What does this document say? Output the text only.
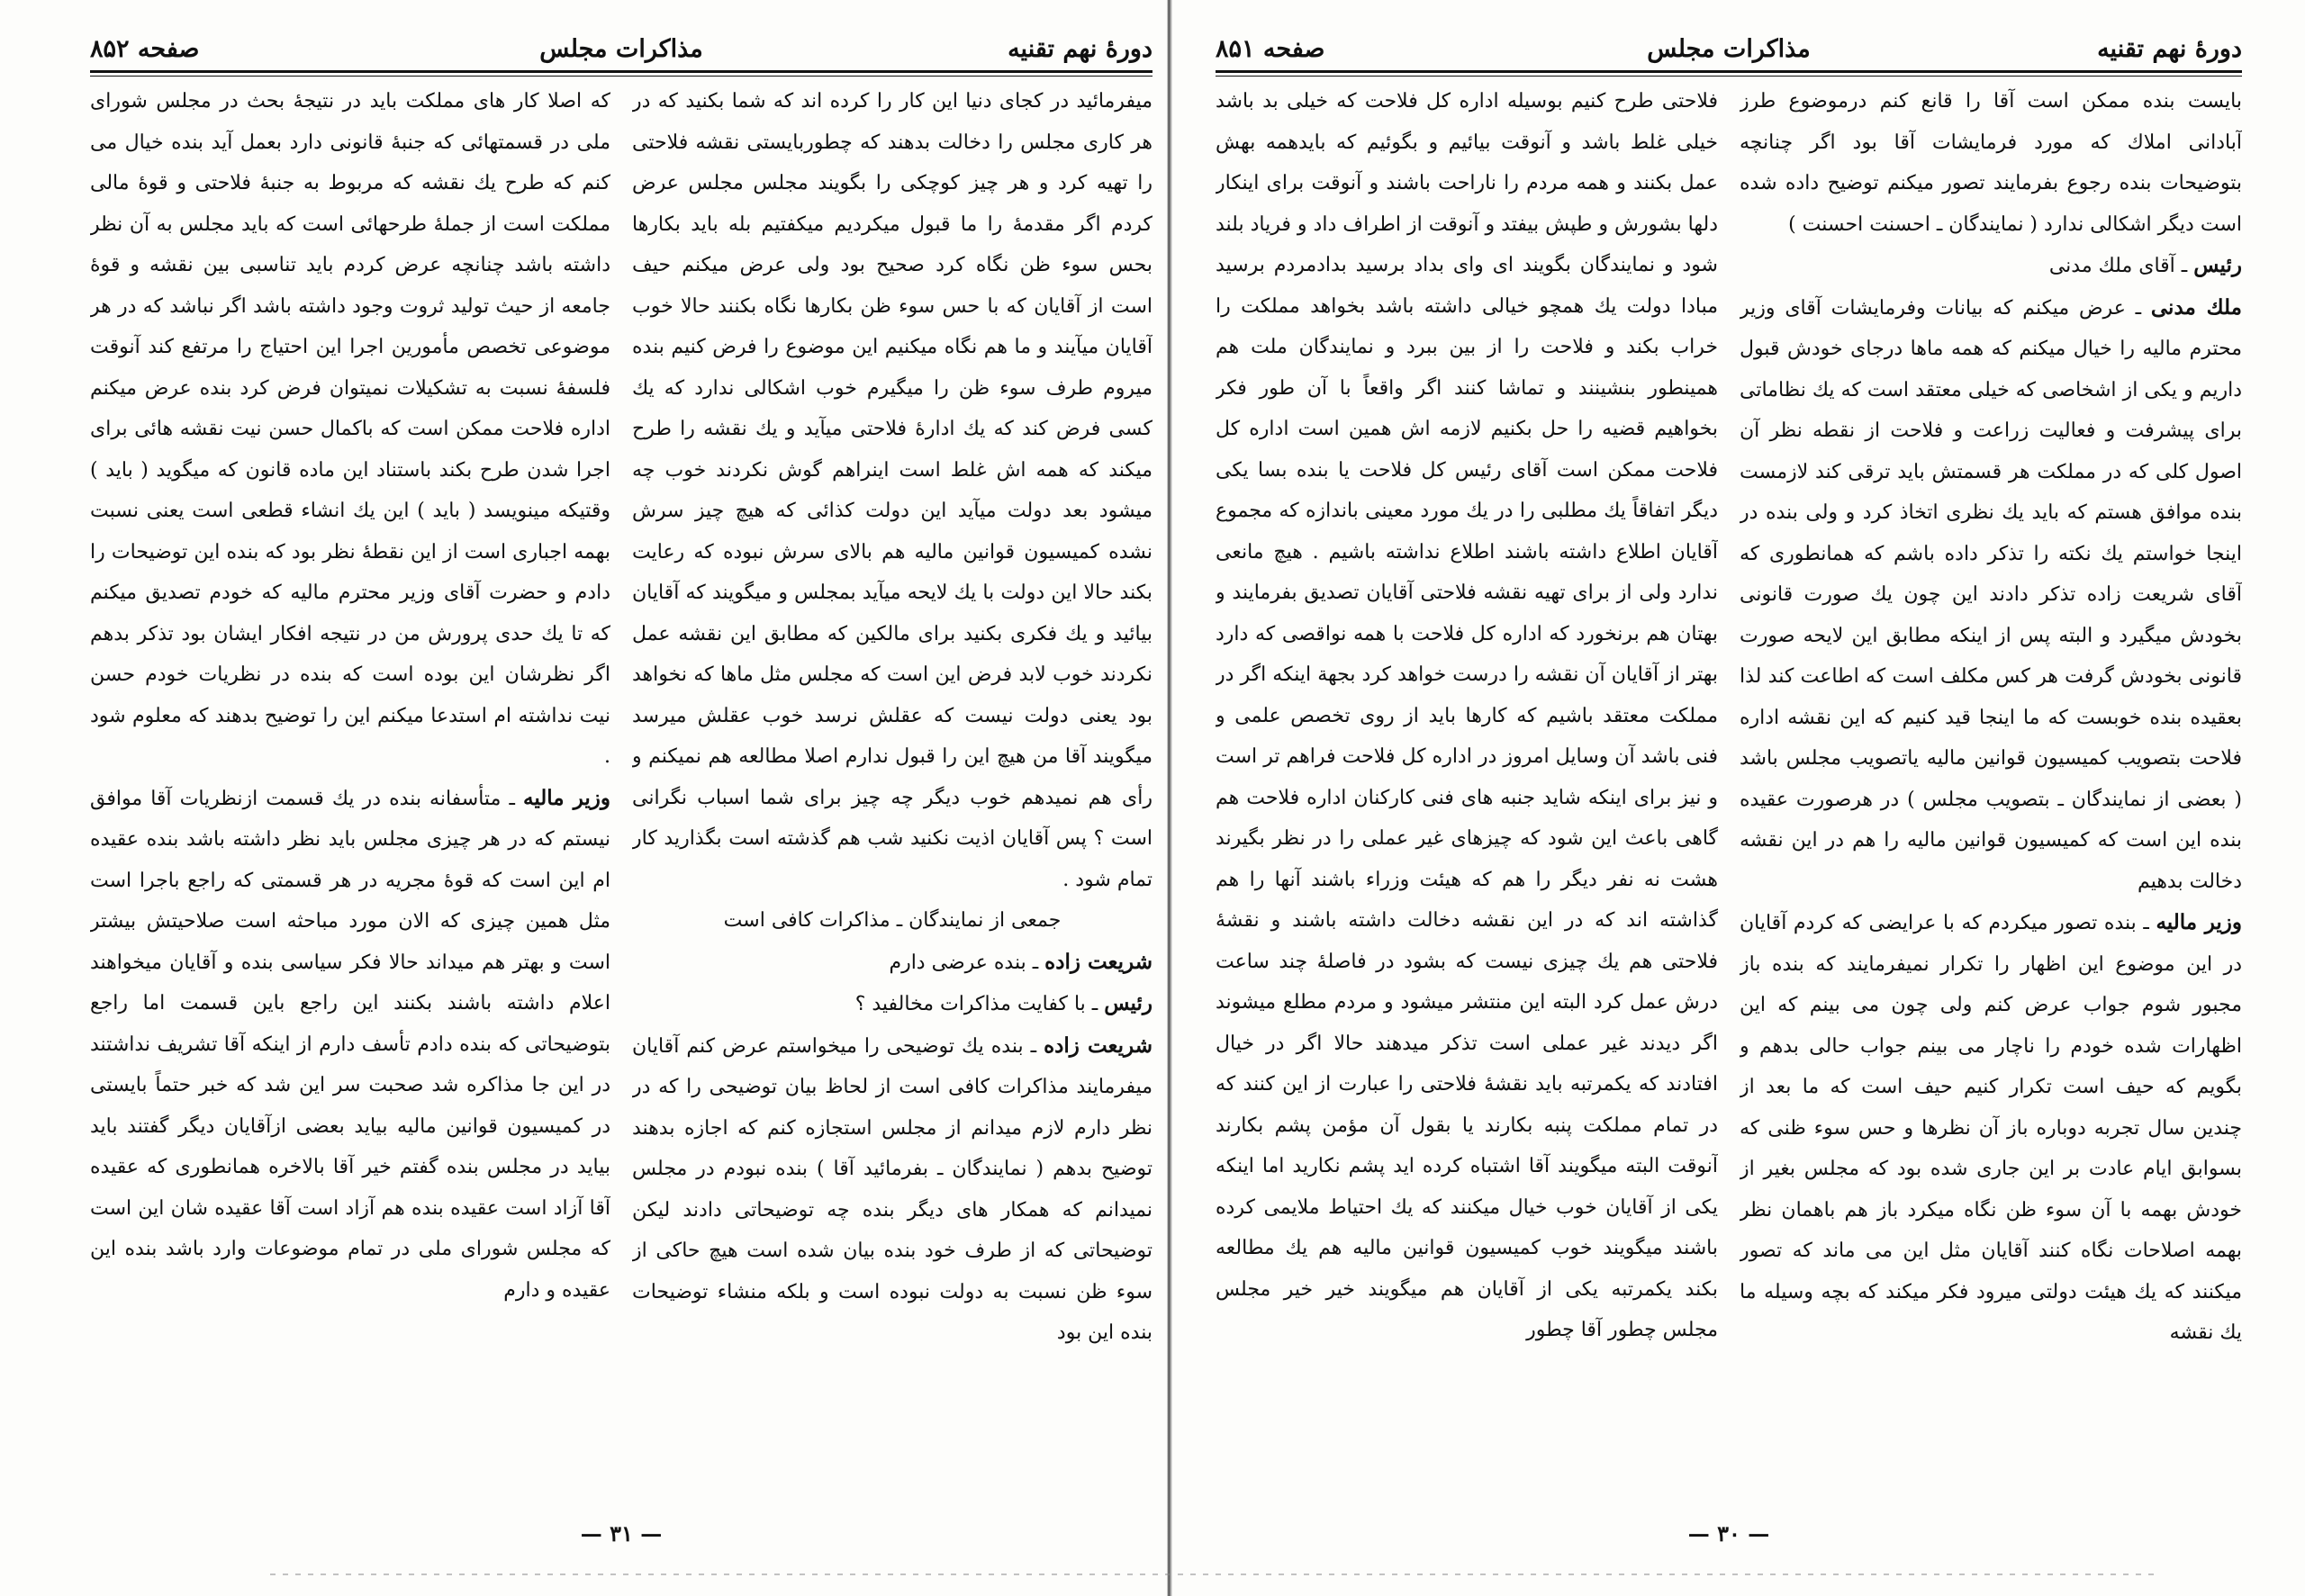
دورهٔ نهم تقنیه
مذاکرات مجلس
صفحه ۸۵۲

میفرمائید در کجای دنیا این کار را کرده اند که شما بکنید که در هر کاری مجلس را دخالت بدهند که چطوربایستی نقشه فلاحتی را تهیه کرد و هر چیز کوچکی را بگویند مجلس مجلس عرض کردم اگر مقدمهٔ را ما قبول میکردیم میکفتیم بله باید بکارها بحس سوء ظن نگاه کرد صحیح بود ولی عرض میکنم حیف است از آقایان که با حس سوء ظن بکارها نگاه بکنند حالا خوب آقایان میآیند و ما هم نگاه میکنیم این موضوع را فرض کنیم بنده میروم طرف سوء ظن را میگیرم خوب اشکالی ندارد که یك کسی فرض کند که یك ادارهٔ فلاحتی میآید و یك نقشه را طرح میکند که همه اش غلط است اینراهم گوش نکردند خوب چه میشود بعد دولت میآید این دولت کذائی که هیچ چیز سرش نشده کمیسیون قوانین مالیه هم بالای سرش نبوده که رعایت بکند حالا این دولت با یك لایحه میآید بمجلس و میگویند که آقایان بیائید و یك فکری بکنید برای مالکین که مطابق این نقشه عمل نکردند خوب لابد فرض این است که مجلس مثل ماها که نخواهد بود یعنی دولت نیست که عقلش نرسد خوب عقلش میرسد میگویند آقا من هیچ این را قبول ندارم اصلا مطالعه هم نمیکنم و رأی هم نمیدهم خوب دیگر چه چیز برای شما اسباب نگرانی است ؟ پس آقایان اذیت نکنید شب هم گذشته است بگذارید کار تمام شود .

جمعی از نمایندگان ـ مذاکرات کافی است

شریعت زاده ـ بنده عرضی دارم

رئیس ـ با کفایت مذاکرات مخالفید ؟

شریعت زاده ـ بنده یك توضیحی را میخواستم عرض کنم آقایان میفرمایند مذاکرات کافی است از لحاظ بیان توضیحی را که در نظر دارم لازم میدانم از مجلس استجازه کنم که اجازه بدهند توضیح بدهم ( نمایندگان ـ بفرمائید آقا ) بنده نبودم در مجلس نمیدانم که همکار های دیگر بنده چه توضیحاتی دادند لیکن توضیحاتی که از طرف خود بنده بیان شده است هیچ حاکی از سوء ظن نسبت به دولت نبوده است و بلکه منشاء توضیحات بنده این بود

که اصلا کار های مملکت باید در نتیجهٔ بحث در مجلس شورای ملی در قسمتهائی که جنبهٔ قانونی دارد بعمل آید بنده خیال می کنم که طرح یك نقشه که مربوط به جنبهٔ فلاحتی و قوهٔ مالی مملکت است از جملهٔ طرحهائی است که باید مجلس به آن نظر داشته باشد چنانچه عرض کردم باید تناسبی بین نقشه و قوهٔ جامعه از حیث تولید ثروت وجود داشته باشد اگر نباشد که در هر موضوعی تخصص مأمورین اجرا این احتیاج را مرتفع کند آنوقت فلسفهٔ نسبت به تشکیلات نمیتوان فرض کرد بنده عرض میکنم اداره فلاحت ممکن است که باکمال حسن نیت نقشه هائی برای اجرا شدن طرح بکند باستناد این ماده قانون که میگوید ( باید ) وقتیکه مینویسد ( باید ) این یك انشاء قطعی است یعنی نسبت بهمه اجباری است از این نقطهٔ نظر بود که بنده این توضیحات را دادم و حضرت آقای وزیر محترم مالیه که خودم تصدیق میکنم که تا یك حدی پرورش من در نتیجه افکار ایشان بود تذکر بدهم اگر نظرشان این بوده است که بنده در نظریات خودم حسن نیت نداشته ام استدعا میکنم این را توضیح بدهند که معلوم شود .

وزیر مالیه ـ متأسفانه بنده در یك قسمت ازنظریات آقا موافق نیستم که در هر چیزی مجلس باید نظر داشته باشد بنده عقیده ام این است که قوهٔ مجریه در هر قسمتی که راجع باجرا است مثل همین چیزی که الان مورد مباحثه است صلاحیتش بیشتر است و بهتر هم میداند حالا فکر سیاسی بنده و آقایان میخواهند اعلام داشته باشند بکنند این راجع باین قسمت اما راجع بتوضیحاتی که بنده دادم تأسف دارم از اینکه آقا تشریف نداشتند در این جا مذاکره شد صحبت سر این شد که خبر حتماً بایستی در کمیسیون قوانین مالیه بیاید بعضی ازآقایان دیگر گفتند باید بیاید در مجلس بنده گفتم خیر آقا بالاخره همانطوری که عقیده آقا آزاد است عقیده بنده هم آزاد است آقا عقیده شان این است که مجلس شورای ملی در تمام موضوعات وارد باشد بنده این عقیده و دارم

— ۳۱ —
دورهٔ نهم تقنیه
مذاکرات مجلس
صفحه ۸۵۱

بایست بنده ممکن است آقا را قانع کنم درموضوع طرز آبادانی املاك که مورد فرمایشات آقا بود اگر چنانچه بتوضیحات بنده رجوع بفرمایند تصور میکنم توضیح داده شده است دیگر اشکالی ندارد ( نمایندگان ـ احسنت احسنت )

رئیس ـ آقای ملك مدنی

ملك مدنی ـ عرض میکنم که بیانات وفرمایشات آقای وزیر محترم مالیه را خیال میکنم که همه ماها درجای خودش قبول داریم و یکی از اشخاصی که خیلی معتقد است که یك نظاماتی برای پیشرفت و فعالیت زراعت و فلاحت از نقطه نظر آن اصول کلی که در مملکت هر قسمتش باید ترقی کند لازمست بنده موافق هستم که باید یك نظری اتخاذ کرد و ولی بنده در اینجا خواستم یك نکته را تذکر داده باشم که همانطوری که آقای شریعت زاده تذکر دادند این چون یك صورت قانونی بخودش میگیرد و البته پس از اینکه مطابق این لایحه صورت قانونی بخودش گرفت هر کس مکلف است که اطاعت کند لذا بعقیده بنده خوبست که ما اینجا قید کنیم که این نقشه اداره فلاحت بتصویب کمیسیون قوانین مالیه یاتصویب مجلس باشد ( بعضی از نمایندگان ـ بتصویب مجلس ) در هرصورت عقیده بنده این است که کمیسیون قوانین مالیه را هم در این نقشه دخالت بدهیم

وزیر مالیه ـ بنده تصور میکردم که با عرایضی که کردم آقایان در این موضوع این اظهار را تکرار نمیفرمایند که بنده باز مجبور شوم جواب عرض کنم ولی چون می بینم که این اظهارات شده خودم را ناچار می بینم جواب حالی بدهم و بگویم که حیف است تکرار کنیم حیف است که ما بعد از چندین سال تجربه دوباره باز آن نظرها و حس سوء ظنی که بسوابق ایام عادت بر این جاری شده بود که مجلس بغیر از خودش بهمه با آن سوء ظن نگاه میکرد باز هم باهمان نظر بهمه اصلاحات نگاه کنند آقایان مثل این می ماند که تصور میکنند که یك هیئت دولتی میرود فکر میکند که بچه وسیله ما یك نقشه

فلاحتی طرح کنیم بوسیله اداره کل فلاحت که خیلی بد باشد خیلی غلط باشد و آنوقت بیائیم و بگوئیم که بایدهمه بهش عمل بکنند و همه مردم را ناراحت باشند و آنوقت برای اینکار دلها بشورش و طپش بیفتد و آنوقت از اطراف داد و فریاد بلند شود و نمایندگان بگویند ای وای بداد برسید بدادمردم برسید مبادا دولت یك همچو خیالی داشته باشد بخواهد مملکت را خراب بکند و فلاحت را از بین ببرد و نمایندگان ملت هم همینطور بنشینند و تماشا کنند اگر واقعاً با آن طور فکر بخواهیم قضیه را حل بکنیم لازمه اش همین است اداره کل فلاحت ممکن است آقای رئیس کل فلاحت یا بنده بسا یکی دیگر اتفاقاً یك مطلبی را در یك مورد معینی باندازه که مجموع آقایان اطلاع داشته باشند اطلاع نداشته باشیم . هیچ مانعی ندارد ولی از برای تهیه نقشه فلاحتی آقایان تصدیق بفرمایند و بهتان هم برنخورد که اداره کل فلاحت با همه نواقصی که دارد بهتر از آقایان آن نقشه را درست خواهد کرد بجهة اینکه اگر در مملکت معتقد باشیم که کارها باید از روی تخصص علمی و فنی باشد آن وسایل امروز در اداره کل فلاحت فراهم تر است و نیز برای اینکه شاید جنبه های فنی کارکنان اداره فلاحت هم گاهی باعث این شود که چیزهای غیر عملی را در نظر بگیرند هشت نه نفر دیگر را هم که هیئت وزراء باشند آنها را هم گذاشته اند که در این نقشه دخالت داشته باشند و نقشهٔ فلاحتی هم یك چیزی نیست که بشود در فاصلهٔ چند ساعت درش عمل کرد البته این منتشر میشود و مردم مطلع میشوند اگر دیدند غیر عملی است تذکر میدهند حالا اگر در خیال افتادند که یکمرتبه باید نقشهٔ فلاحتی را عبارت از این کنند که در تمام مملکت پنبه بکارند یا بقول آن مؤمن پشم بکارند آنوقت البته میگویند آقا اشتباه کرده اید پشم نکارید اما اینکه یکی از آقایان خوب خیال میکنند که یك احتیاط ملایمی کرده باشند میگویند خوب کمیسیون قوانین مالیه هم یك مطالعه بکند یکمرتبه یکی از آقایان هم میگویند خیر خیر مجلس مجلس چطور آقا چطور

— ۳۰ —
